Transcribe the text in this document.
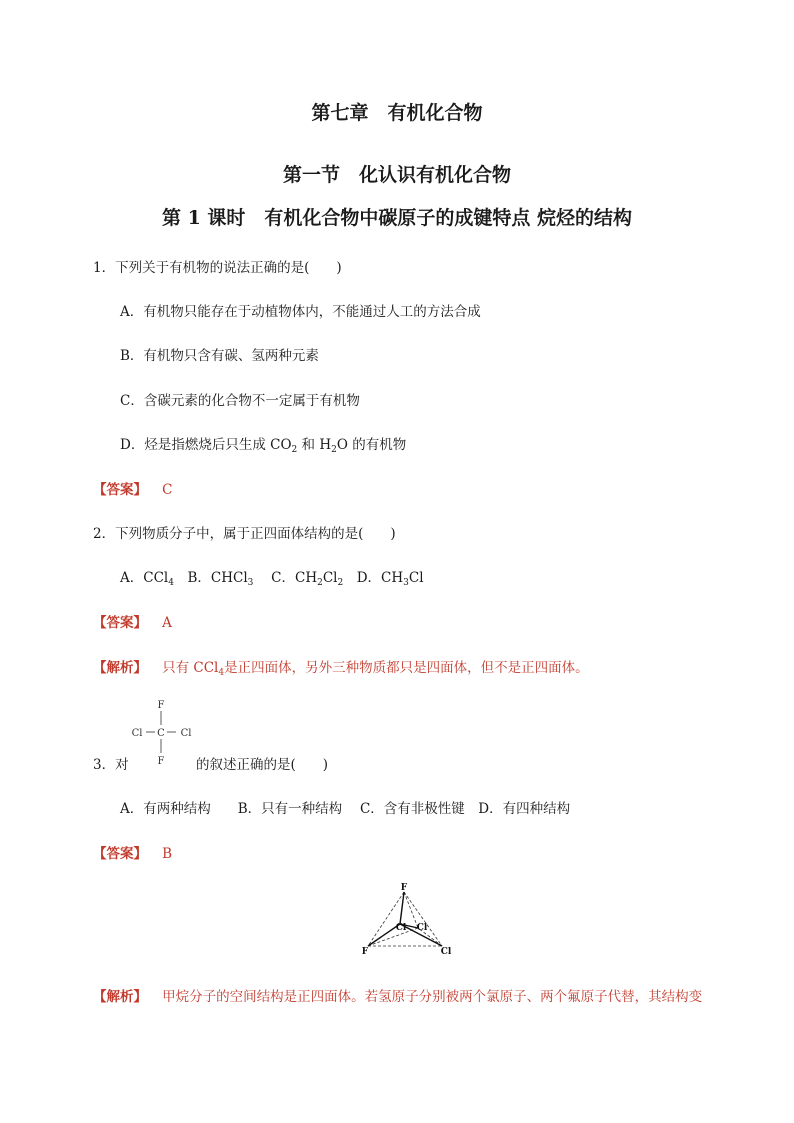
第七章　有机化合物
第一节　化认识有机化合物
第 1 课时　有机化合物中碳原子的成键特点 烷烃的结构
1．下列关于有机物的说法正确的是(　　)
A．有机物只能存在于动植物体内，不能通过人工的方法合成
B．有机物只含有碳、氢两种元素
C．含碳元素的化合物不一定属于有机物
D．烃是指燃烧后只生成 $CO_2$ 和 $H_2O$ 的有机物
【答案】 C
2．下列物质分子中，属于正四面体结构的是(　　)
A．CCl$_4$　B．CHCl$_3$　 C．$CH_2Cl_2$　D．$CH_3Cl$
【答案】 A
【解析】 只有 CCl$_4$是正四面体，另外三种物质都只是四面体，但不是正四面体。
3．对
F
Cl C Cl
F 的叙述正确的是(　　)
A．有两种结构　　B．只有一种结构　 C．含有非极性键　D．有四种结构
【答案】 B
F
F
Cl Cl
Cl
【解析】 甲烷分子的空间结构是正四面体。若氢原子分别被两个氯原子、两个氟原子代替，其结构变
